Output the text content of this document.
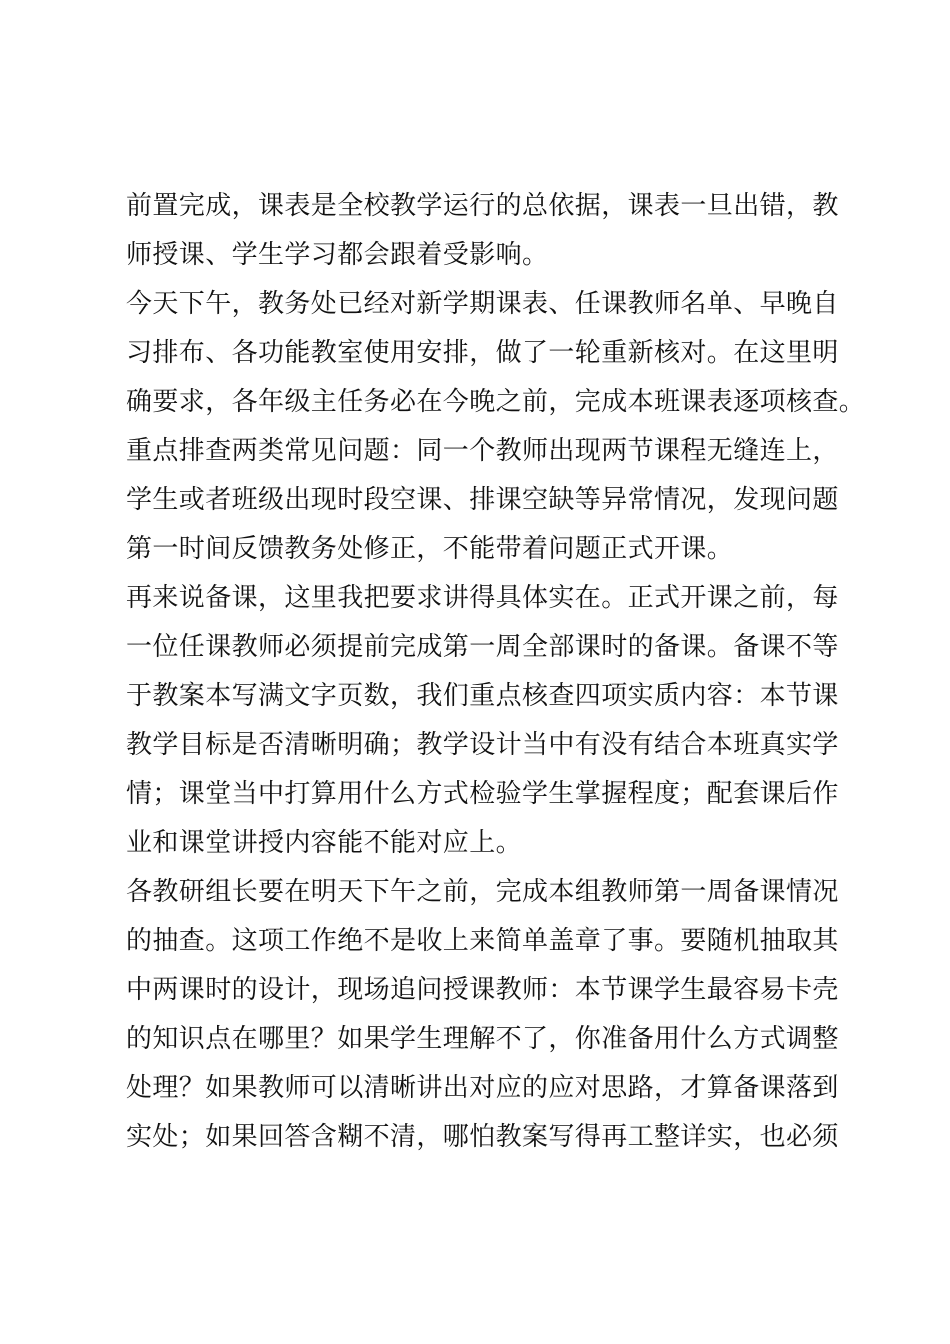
前置完成，课表是全校教学运行的总依据，课表一旦出错，教
师授课、学生学习都会跟着受影响。

今天下午，教务处已经对新学期课表、任课教师名单、早晚自
习排布、各功能教室使用安排，做了一轮重新核对。在这里明
确要求，各年级主任务必在今晚之前，完成本班课表逐项核查。
重点排查两类常见问题：同一个教师出现两节课程无缝连上，
学生或者班级出现时段空课、排课空缺等异常情况，发现问题
第一时间反馈教务处修正，不能带着问题正式开课。

再来说备课，这里我把要求讲得具体实在。正式开课之前，每
一位任课教师必须提前完成第一周全部课时的备课。备课不等
于教案本写满文字页数，我们重点核查四项实质内容：本节课
教学目标是否清晰明确；教学设计当中有没有结合本班真实学
情；课堂当中打算用什么方式检验学生掌握程度；配套课后作
业和课堂讲授内容能不能对应上。

各教研组长要在明天下午之前，完成本组教师第一周备课情况
的抽查。这项工作绝不是收上来简单盖章了事。要随机抽取其
中两课时的设计，现场追问授课教师：本节课学生最容易卡壳
的知识点在哪里？如果学生理解不了，你准备用什么方式调整
处理？如果教师可以清晰讲出对应的应对思路，才算备课落到
实处；如果回答含糊不清，哪怕教案写得再工整详实，也必须
